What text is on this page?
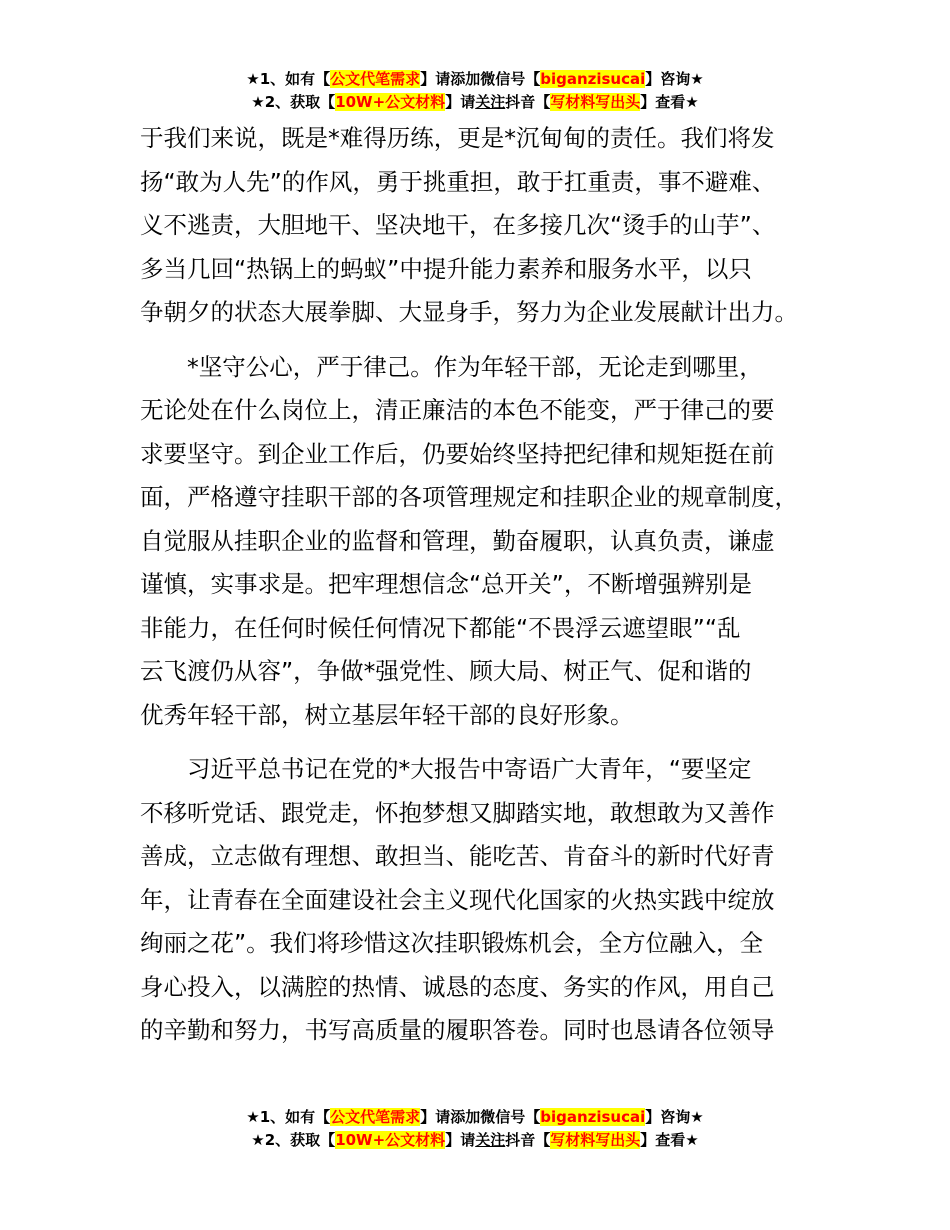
★1、如有【公文代笔需求】请添加微信号【biganzisucai】咨询★
★2、获取【10W+公文材料】请关注抖音【写材料写出头】查看★
于我们来说，既是*难得历练，更是*沉甸甸的责任。我们将发
扬“敢为人先”的作风，勇于挑重担，敢于扛重责，事不避难、
义不逃责，大胆地干、坚决地干，在多接几次“烫手的山芋”、
多当几回“热锅上的蚂蚁”中提升能力素养和服务水平，以只
争朝夕的状态大展拳脚、大显身手，努力为企业发展献计出力。
　　*坚守公心，严于律己。作为年轻干部，无论走到哪里，
无论处在什么岗位上，清正廉洁的本色不能变，严于律己的要
求要坚守。到企业工作后，仍要始终坚持把纪律和规矩挺在前
面，严格遵守挂职干部的各项管理规定和挂职企业的规章制度，
自觉服从挂职企业的监督和管理，勤奋履职，认真负责，谦虚
谨慎，实事求是。把牢理想信念“总开关”，不断增强辨别是
非能力，在任何时候任何情况下都能“不畏浮云遮望眼”“乱
云飞渡仍从容”，争做*强党性、顾大局、树正气、促和谐的
优秀年轻干部，树立基层年轻干部的良好形象。
　　习近平总书记在党的*大报告中寄语广大青年，“要坚定
不移听党话、跟党走，怀抱梦想又脚踏实地，敢想敢为又善作
善成，立志做有理想、敢担当、能吃苦、肯奋斗的新时代好青
年，让青春在全面建设社会主义现代化国家的火热实践中绽放
绚丽之花”。我们将珍惜这次挂职锻炼机会，全方位融入，全
身心投入，以满腔的热情、诚恳的态度、务实的作风，用自己
的辛勤和努力，书写高质量的履职答卷。同时也恳请各位领导
★1、如有【公文代笔需求】请添加微信号【biganzisucai】咨询★
★2、获取【10W+公文材料】请关注抖音【写材料写出头】查看★
